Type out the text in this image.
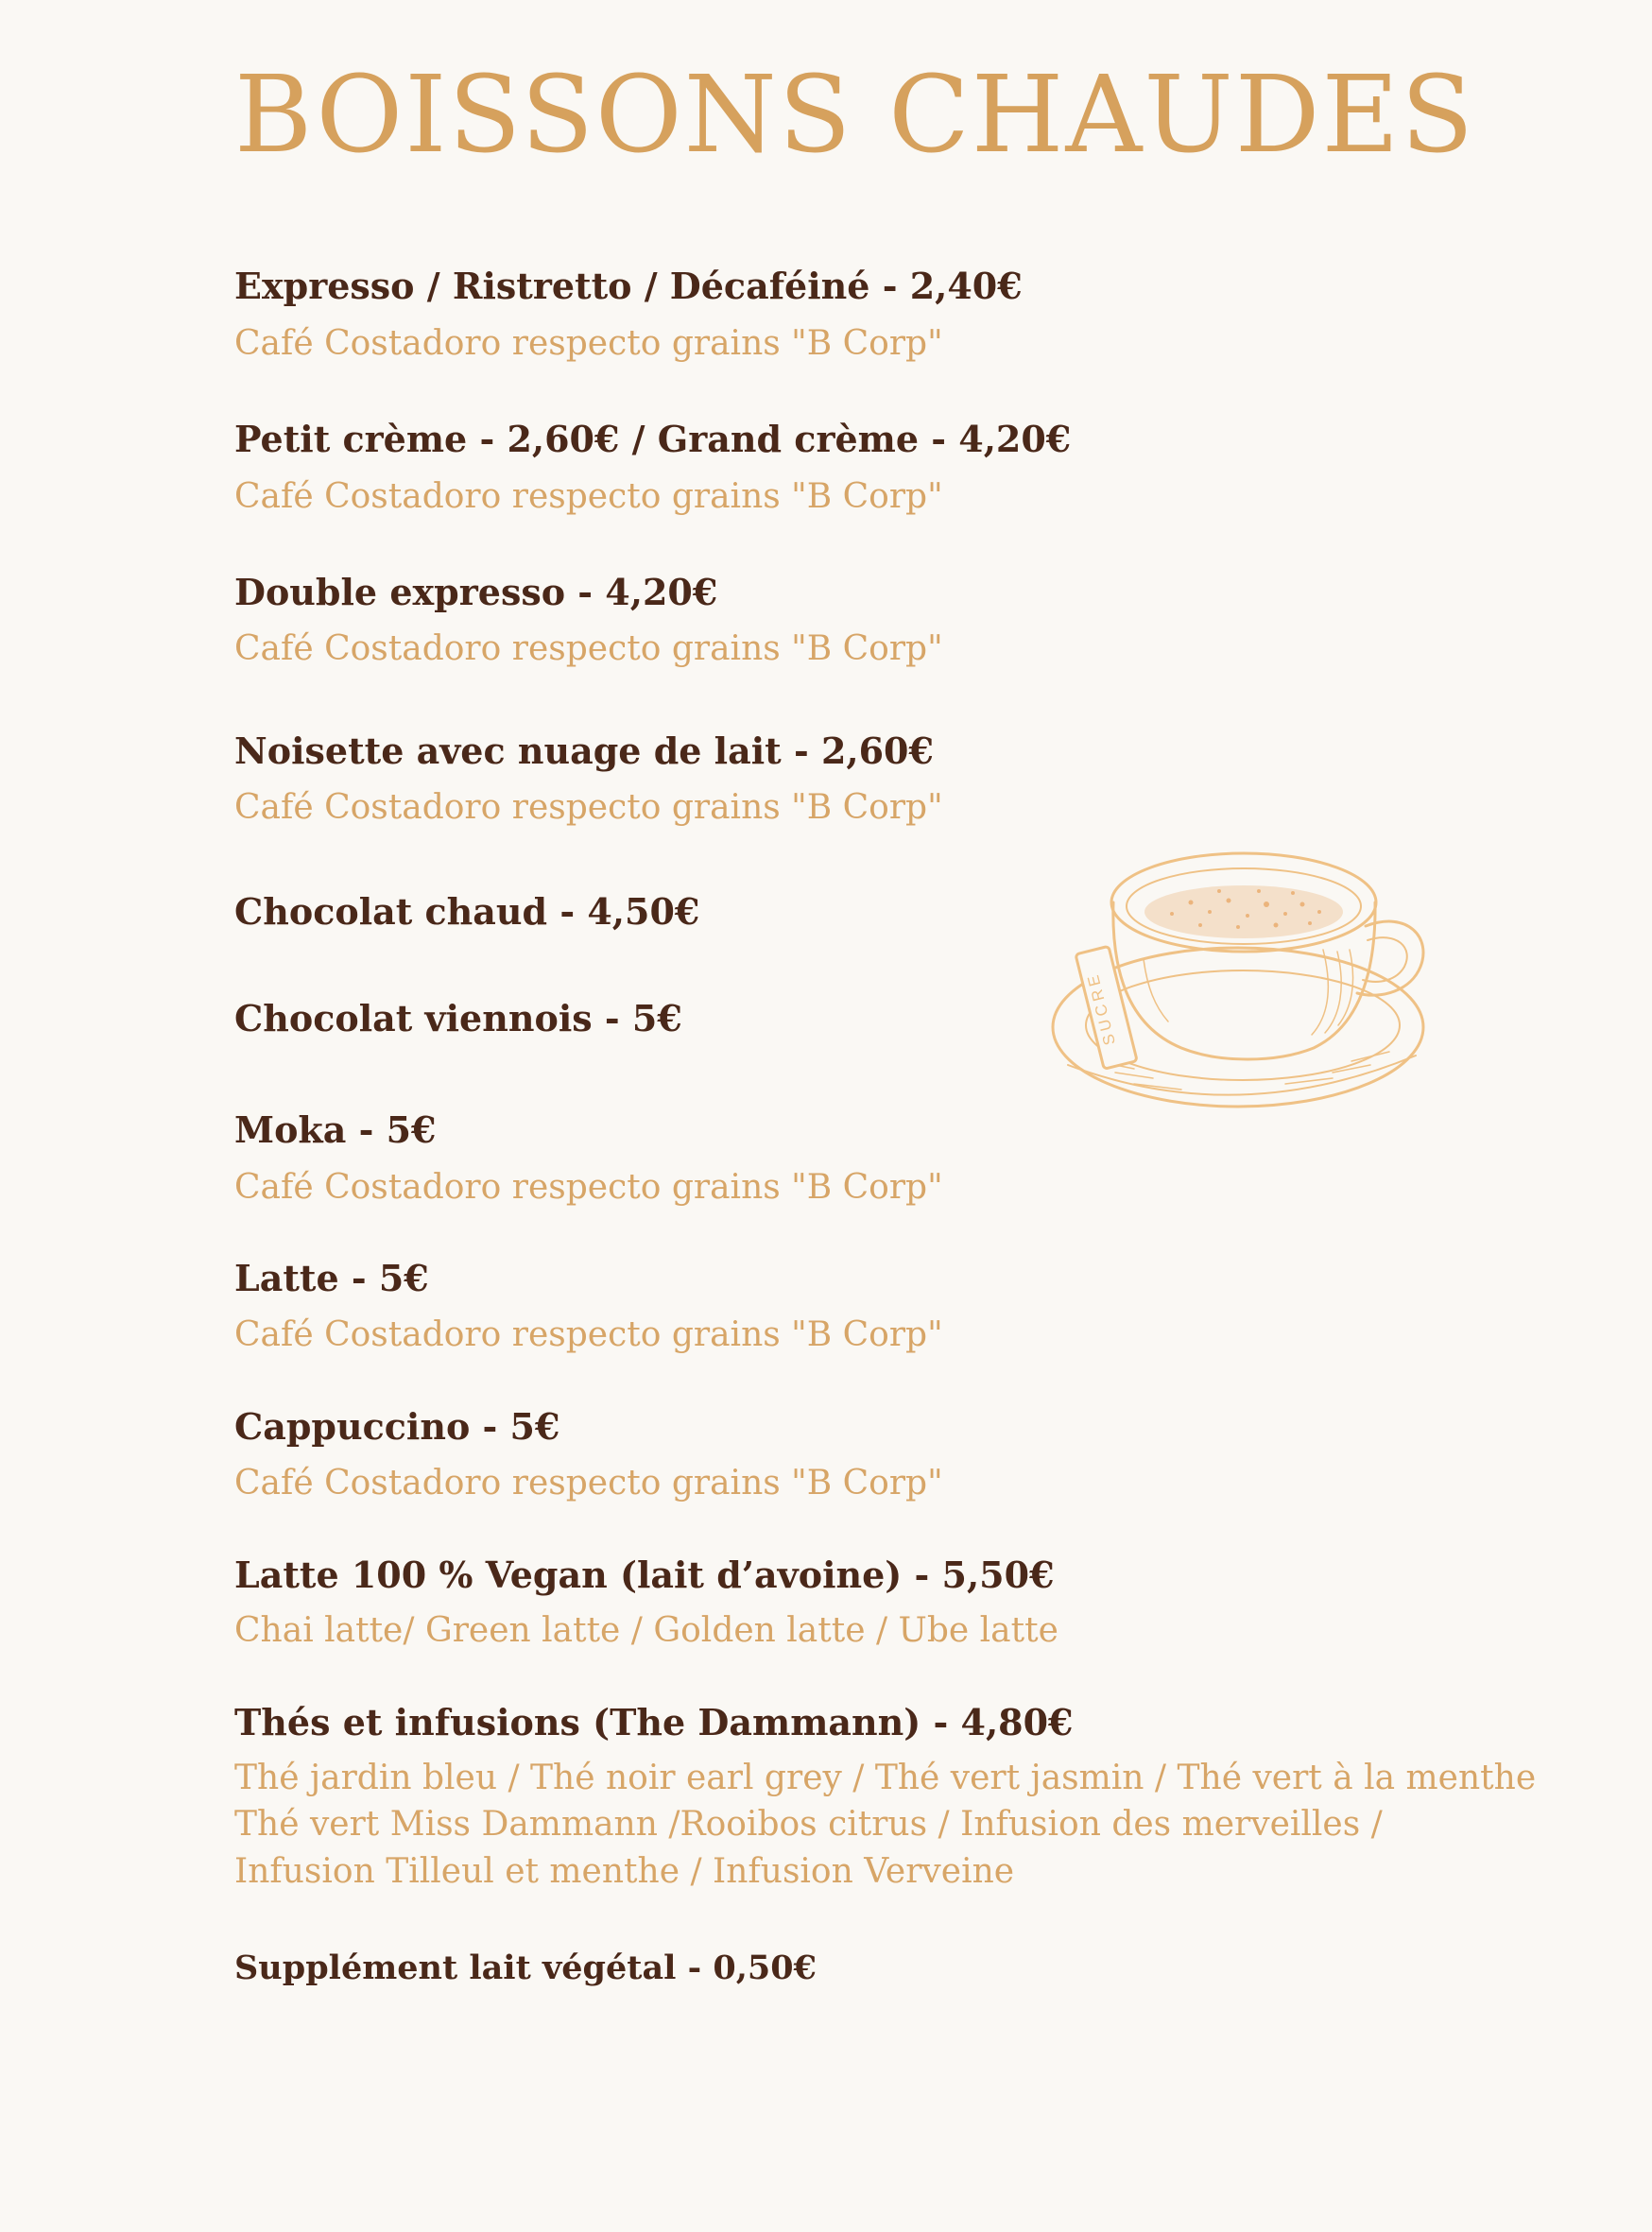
BOISSONS CHAUDES

Expresso / Ristretto / Décaféiné - 2,40€

Café Costadoro respecto grains "B Corp"

Petit crème - 2,60€ / Grand crème - 4,20€

Café Costadoro respecto grains "B Corp"

Double expresso - 4,20€

Café Costadoro respecto grains "B Corp"

Noisette avec nuage de lait - 2,60€

Café Costadoro respecto grains "B Corp"

Chocolat chaud - 4,50€

Chocolat viennois - 5€

Moka - 5€

Café Costadoro respecto grains "B Corp"

Latte - 5€

Café Costadoro respecto grains "B Corp"

Cappuccino - 5€

Café Costadoro respecto grains "B Corp"

Latte 100 % Vegan (lait d’avoine) - 5,50€

Chai latte/ Green latte / Golden latte / Ube latte

Thés et infusions (The Dammann) - 4,80€

Thé jardin bleu / Thé noir earl grey / Thé vert jasmin / Thé vert à la menthe

Thé vert Miss Dammann /Rooibos citrus / Infusion des merveilles /

Infusion Tilleul et menthe / Infusion Verveine

Supplément lait végétal - 0,50€

SUCRE
